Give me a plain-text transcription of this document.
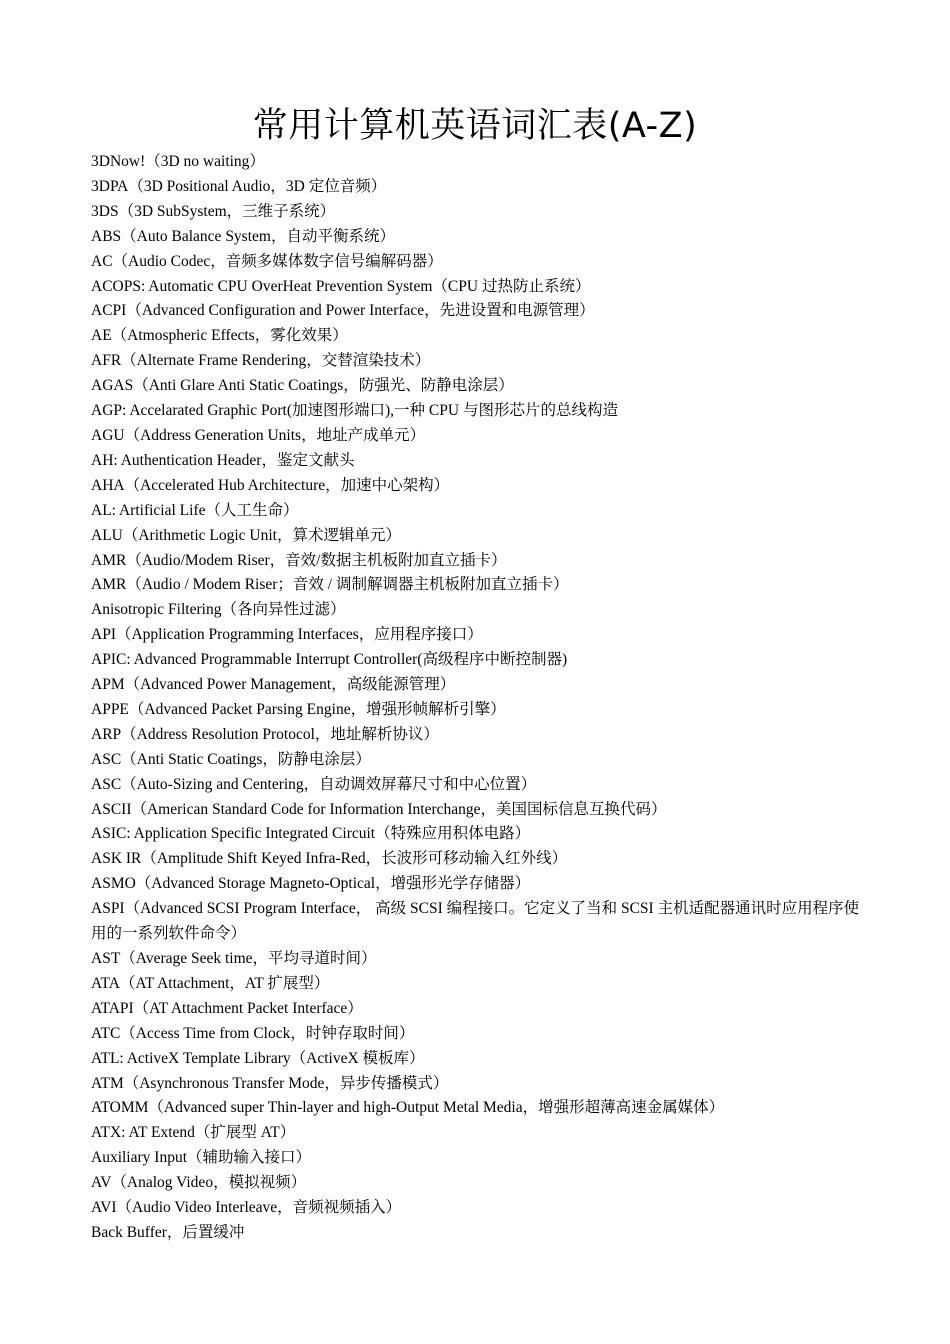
常用计算机英语词汇表(A-Z)
3DNow!（3D no waiting）
3DPA（3D Positional Audio，3D 定位音频）
3DS（3D SubSystem，三维子系统）
ABS（Auto Balance System，自动平衡系统）
AC（Audio Codec，音频多媒体数字信号编解码器）
ACOPS: Automatic CPU OverHeat Prevention System（CPU 过热防止系统）
ACPI（Advanced Configuration and Power Interface，先进设置和电源管理）
AE（Atmospheric Effects，雾化效果）
AFR（Alternate Frame Rendering，交替渲染技术）
AGAS（Anti Glare Anti Static Coatings，防强光、防静电涂层）
AGP: Accelarated Graphic Port(加速图形端口),一种 CPU 与图形芯片的总线构造
AGU（Address Generation Units，地址产成单元）
AH: Authentication Header，鉴定文献头
AHA（Accelerated Hub Architecture，加速中心架构）
AL: Artificial Life（人工生命）
ALU（Arithmetic Logic Unit，算术逻辑单元）
AMR（Audio/Modem Riser，音效/数据主机板附加直立插卡）
AMR（Audio / Modem Riser；音效 / 调制解调器主机板附加直立插卡）
Anisotropic Filtering（各向异性过滤）
API（Application Programming Interfaces，应用程序接口）
APIC: Advanced Programmable Interrupt Controller(高级程序中断控制器)
APM（Advanced Power Management，高级能源管理）
APPE（Advanced Packet Parsing Engine，增强形帧解析引擎）
ARP（Address Resolution Protocol，地址解析协议）
ASC（Anti Static Coatings，防静电涂层）
ASC（Auto-Sizing and Centering，自动调效屏幕尺寸和中心位置）
ASCII（American Standard Code for Information Interchange，美国国标信息互换代码）
ASIC: Application Specific Integrated Circuit（特殊应用积体电路）
ASK IR（Amplitude Shift Keyed Infra-Red，长波形可移动输入红外线）
ASMO（Advanced Storage Magneto-Optical，增强形光学存储器）
ASPI（Advanced SCSI Program Interface， 高级 SCSI 编程接口。它定义了当和 SCSI 主机适配器通讯时应用程序使用的一系列软件命令）
AST（Average Seek time，平均寻道时间）
ATA（AT Attachment，AT 扩展型）
ATAPI（AT Attachment Packet Interface）
ATC（Access Time from Clock，时钟存取时间）
ATL: ActiveX Template Library（ActiveX 模板库）
ATM（Asynchronous Transfer Mode，异步传播模式）
ATOMM（Advanced super Thin-layer and high-Output Metal Media，增强形超薄高速金属媒体）
ATX: AT Extend（扩展型 AT）
Auxiliary Input（辅助输入接口）
AV（Analog Video，模拟视频）
AVI（Audio Video Interleave，音频视频插入）
Back Buffer，后置缓冲
